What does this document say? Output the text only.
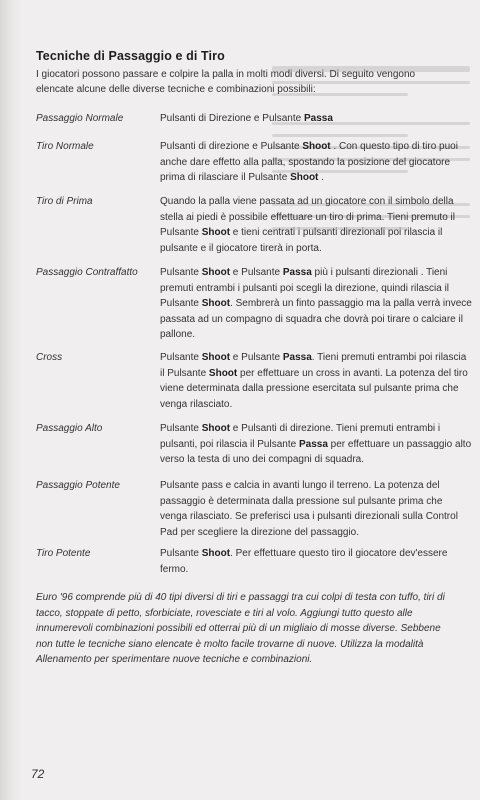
Tecniche di Passaggio e di Tiro

I giocatori possono passare e colpire la palla in molti modi diversi. Di seguito vengono elencate alcune delle diverse tecniche e combinazioni possibili:

Passaggio Normale	Pulsanti di Direzione e Pulsante Passa
Tiro Normale	Pulsanti di direzione e Pulsante Shoot . Con questo tipo di tiro puoi anche dare effetto alla palla, spostando la posizione del giocatore prima di rilasciare il Pulsante Shoot .
Tiro di Prima	Quando la palla viene passata ad un giocatore con il simbolo della stella ai piedi è possibile effettuare un tiro di prima. Tieni premuto il Pulsante Shoot e tieni centrati i pulsanti direzionali poi rilascia il pulsante e il giocatore tirerà in porta.
Passaggio Contraffatto	Pulsante Shoot e Pulsante Passa più i pulsanti direzionali . Tieni premuti entrambi i pulsanti poi scegli la direzione, quindi rilascia il Pulsante Shoot. Sembrerà un finto passaggio ma la palla verrà invece passata ad un compagno di squadra che dovrà poi tirare o calciare il pallone.
Cross	Pulsante Shoot e Pulsante Passa. Tieni premuti entrambi poi rilascia il Pulsante Shoot per effettuare un cross in avanti. La potenza del tiro viene determinata dalla pressione esercitata sul pulsante prima che venga rilasciato.
Passaggio Alto	Pulsante Shoot e Pulsanti di direzione. Tieni premuti entrambi i pulsanti, poi rilascia il Pulsante Passa per effettuare un passaggio alto verso la testa di uno dei compagni di squadra.
Passaggio Potente	Pulsante pass e calcia in avanti lungo il terreno. La potenza del passaggio è determinata dalla pressione sul pulsante prima che venga rilasciato. Se preferisci usa i pulsanti direzionali sulla Control Pad per scegliere la direzione del passaggio.
Tiro Potente	Pulsante Shoot. Per effettuare questo tiro il giocatore dev'essere fermo.

Euro '96 comprende più di 40 tipi diversi di tiri e passaggi tra cui colpi di testa con tuffo, tiri di tacco, stoppate di petto, sforbiciate, rovesciate e tiri al volo. Aggiungi tutto questo alle innumerevoli combinazioni possibili ed otterrai più di un migliaio di mosse diverse. Sebbene non tutte le tecniche siano elencate è molto facile trovarne di nuove. Utilizza la modalità Allenamento per sperimentare nuove tecniche e combinazioni.

72
